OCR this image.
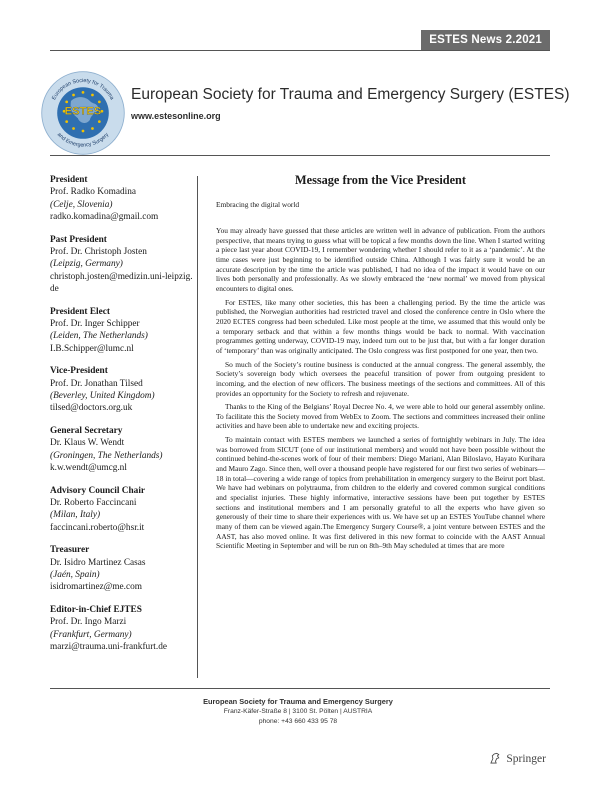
ESTES News 2.2021
ESTES
European Society for Trauma
and Emergency Surgery
European Society for Trauma and Emergency Surgery (ESTES)
www.estesonline.org
President
Prof. Radko Komadina
(Celje, Slovenia)
radko.komadina@gmail.com
Past President
Prof. Dr. Christoph Josten
(Leipzig, Germany)
christoph.josten@medizin.uni-leipzig.de
President Elect
Prof. Dr. Inger Schipper
(Leiden, The Netherlands)
I.B.Schipper@lumc.nl
Vice-President
Prof. Dr. Jonathan Tilsed
(Beverley, United Kingdom)
tilsed@doctors.org.uk
General Secretary
Dr. Klaus W. Wendt
(Groningen, The Netherlands)
k.w.wendt@umcg.nl
Advisory Council Chair
Dr. Roberto Faccincani
(Milan, Italy)
faccincani.roberto@hsr.it
Treasurer
Dr. Isidro Martinez Casas
(Jaén, Spain)
isidromartinez@me.com
Editor-in-Chief EJTES
Prof. Dr. Ingo Marzi
(Frankfurt, Germany)
marzi@trauma.uni-frankfurt.de
Message from the Vice President

Embracing the digital world

You may already have guessed that these articles are written well in advance of publication. From the authors perspective, that means trying to guess what will be topical a few months down the line. When I started writing a piece last year about COVID-19, I remember wondering whether I should refer to it as a ‘pandemic’. At the time cases were just beginning to be identified outside China. Although I was fairly sure it would be an accurate description by the time the article was published, I had no idea of the impact it would have on our lives both personally and professionally. As we slowly embraced the ‘new normal’ we moved from physical encounters to digital ones.

For ESTES, like many other societies, this has been a challenging period. By the time the article was published, the Norwegian authorities had restricted travel and closed the conference centre in Oslo where the 2020 ECTES congress had been scheduled. Like most people at the time, we assumed that this would only be a temporary setback and that within a few months things would be back to normal. With vaccination programmes getting underway, COVID-19 may, indeed turn out to be just that, but with a far longer duration of ‘temporary’ than was originally anticipated. The Oslo congress was first postponed for one year, then two.

So much of the Society’s routine business is conducted at the annual congress. The general assembly, the Society’s sovereign body which oversees the peaceful transition of power from outgoing president to incoming, and the election of new officers. The business meetings of the sections and committees. All of this provides an opportunity for the Society to refresh and rejuvenate.

Thanks to the King of the Belgians’ Royal Decree No. 4, we were able to hold our general assembly online. To facilitate this the Society moved from WebEx to Zoom. The sections and committees increased their online activities and have been able to undertake new and exciting projects.

To maintain contact with ESTES members we launched a series of fortnightly webinars in July. The idea was borrowed from SICUT (one of our institutional members) and would not have been possible without the continued behind-the-scenes work of four of their members: Diego Mariani, Alan Biloslavo, Hayato Kurihara and Mauro Zago. Since then, well over a thousand people have registered for our first two series of webinars—18 in total—covering a wide range of topics from prehabilitation in emergency surgery to the Beirut port blast. We have had webinars on polytrauma, from children to the elderly and covered common surgical conditions and specialist injuries. These highly informative, interactive sessions have been put together by ESTES sections and institutional members and I am personally grateful to all the experts who have given so generously of their time to share their experiences with us. We have set up an ESTES YouTube channel where many of them can be viewed again.The Emergency Surgery Course®, a joint venture between ESTES and the AAST, has also moved online. It was first delivered in this new format to coincide with the AAST Annual Scientific Meeting in September and will be run on 8th–9th May scheduled at times that are more

European Society for Trauma and Emergency Surgery
Franz-Käfer-Straße 8 | 3100 St. Pölten | AUSTRIA
phone: +43 660 433 95 78
Springer
